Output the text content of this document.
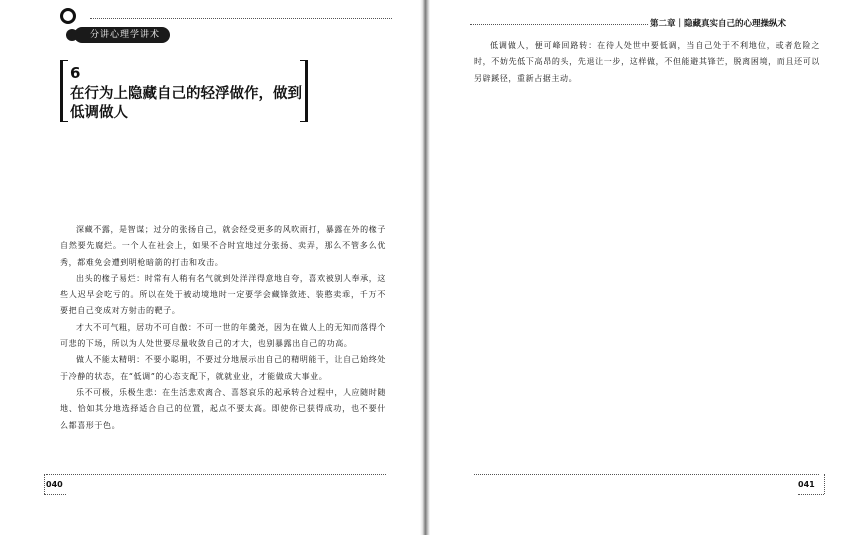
分讲心理学讲术
6
在行为上隐藏自己的轻浮做作，做到低调做人

深藏不露，是智谋；过分的张扬自己，就会经受更多的风吹雨打，暴露在外的椽子自然要先腐烂。一个人在社会上，如果不合时宜地过分张扬、卖弄，那么不管多么优秀，都难免会遭到明枪暗箭的打击和攻击。

出头的椽子易烂：时常有人稍有名气就到处洋洋得意地自夸，喜欢被别人奉承，这些人迟早会吃亏的。所以在处于被动境地时一定要学会藏锋敛迹、装憨卖乖，千万不要把自己变成对方射击的靶子。

才大不可气粗，居功不可自傲：不可一世的年羹尧，因为在做人上的无知而落得个可悲的下场，所以为人处世要尽量收敛自己的才大，也别暴露出自己的功高。

做人不能太精明：不要小聪明，不要过分地展示出自己的精明能干，让自己始终处于冷静的状态，在“低调”的心态支配下，就就业业，才能做成大事业。

乐不可极，乐极生悲：在生活悲欢离合、喜怒哀乐的起承转合过程中，人应随时随地、恰如其分地选择适合自己的位置，起点不要太高。即使你已获得成功，也不要什么都喜形于色。

040
第二章｜隐藏真实自己的心理操纵术

低调做人，便可峰回路转：在待人处世中要低调，当自己处于不利地位，或者危险之时，不妨先低下高昂的头，先退让一步，这样做，不但能避其锋芒，脱离困境，而且还可以另辟蹊径，重新占据主动。

041
